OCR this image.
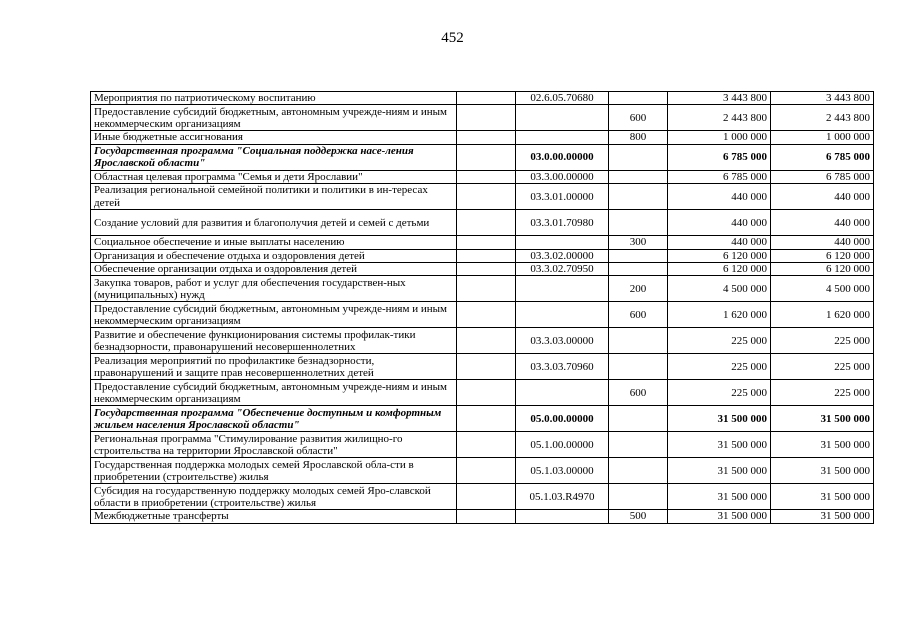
452
Мероприятия по патриотическому воспитанию		02.6.05.70680		3 443 800	3 443 800
Предоставление субсидий бюджетным, автономным учрежде-ниям и иным некоммерческим организациям			600	2 443 800	2 443 800
Иные бюджетные ассигнования			800	1 000 000	1 000 000
Государственная программа "Социальная поддержка насе-ления Ярославской области"		03.0.00.00000		6 785 000	6 785 000
Областная целевая программа "Семья и дети Ярославии"		03.3.00.00000		6 785 000	6 785 000
Реализация региональной семейной политики и политики в ин-тересах детей		03.3.01.00000		440 000	440 000
Создание условий для развития и благополучия детей и семей с детьми		03.3.01.70980		440 000	440 000
Социальное обеспечение и иные выплаты населению			300	440 000	440 000
Организация и обеспечение отдыха и оздоровления детей		03.3.02.00000		6 120 000	6 120 000
Обеспечение организации отдыха и оздоровления детей		03.3.02.70950		6 120 000	6 120 000
Закупка товаров, работ и услуг для обеспечения государствен-ных (муниципальных) нужд			200	4 500 000	4 500 000
Предоставление субсидий бюджетным, автономным учрежде-ниям и иным некоммерческим организациям			600	1 620 000	1 620 000
Развитие и обеспечение функционирования системы профилак-тики безнадзорности, правонарушений несовершеннолетних		03.3.03.00000		225 000	225 000
Реализация мероприятий по профилактике безнадзорности, правонарушений и защите прав несовершеннолетних детей		03.3.03.70960		225 000	225 000
Предоставление субсидий бюджетным, автономным учрежде-ниям и иным некоммерческим организациям			600	225 000	225 000
Государственная программа "Обеспечение доступным и комфортным жильем населения Ярославской области"		05.0.00.00000		31 500 000	31 500 000
Региональная программа "Стимулирование развития жилищно-го строительства на территории Ярославской области"		05.1.00.00000		31 500 000	31 500 000
Государственная поддержка молодых семей Ярославской обла-сти в приобретении (строительстве) жилья		05.1.03.00000		31 500 000	31 500 000
Субсидия на государственную поддержку молодых семей Яро-славской области в приобретении (строительстве) жилья		05.1.03.R4970		31 500 000	31 500 000
Межбюджетные трансферты			500	31 500 000	31 500 000
